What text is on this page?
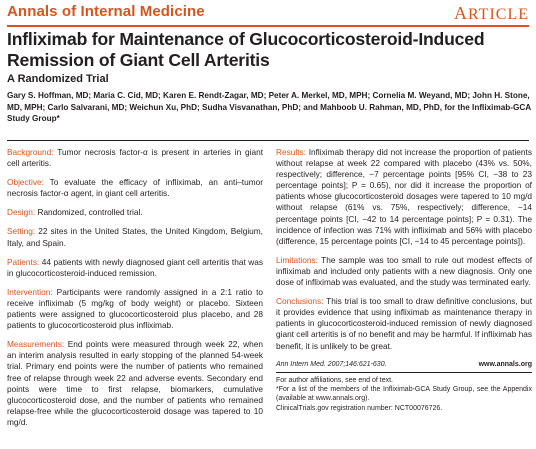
Annals of Internal Medicine	ARTICLE
Infliximab for Maintenance of Glucocorticosteroid-Induced Remission of Giant Cell Arteritis
A Randomized Trial
Gary S. Hoffman, MD; Maria C. Cid, MD; Karen E. Rendt-Zagar, MD; Peter A. Merkel, MD, MPH; Cornelia M. Weyand, MD; John H. Stone, MD, MPH; Carlo Salvarani, MD; Weichun Xu, PhD; Sudha Visvanathan, PhD; and Mahboob U. Rahman, MD, PhD, for the Infliximab-GCA Study Group*

Background: Tumor necrosis factor-α is present in arteries in giant cell arteritis.

Objective: To evaluate the efficacy of infliximab, an anti–tumor necrosis factor-α agent, in giant cell arteritis.

Design: Randomized, controlled trial.

Setting: 22 sites in the United States, the United Kingdom, Belgium, Italy, and Spain.

Patients: 44 patients with newly diagnosed giant cell arteritis that was in glucocorticosteroid-induced remission.

Intervention: Participants were randomly assigned in a 2:1 ratio to receive infliximab (5 mg/kg of body weight) or placebo. Sixteen patients were assigned to glucocorticosteroid plus placebo, and 28 patients to glucocorticosteroid plus infliximab.

Measurements: End points were measured through week 22, when an interim analysis resulted in early stopping of the planned 54-week trial. Primary end points were the number of patients who remained free of relapse through week 22 and adverse events. Secondary end points were time to first relapse, biomarkers, cumulative glucocorticosteroid dose, and the number of patients who remained relapse-free while the glucocorticosteroid dosage was tapered to 10 mg/d.

Results: Infliximab therapy did not increase the proportion of patients without relapse at week 22 compared with placebo (43% vs. 50%, respectively; difference, −7 percentage points [95% CI, −38 to 23 percentage points]; P = 0.65), nor did it increase the proportion of patients whose glucocorticosteroid dosages were tapered to 10 mg/d without relapse (61% vs. 75%, respectively; difference, −14 percentage points [CI, −42 to 14 percentage points]; P = 0.31). The incidence of infection was 71% with infliximab and 56% with placebo (difference, 15 percentage points [CI, −14 to 45 percentage points]).

Limitations: The sample was too small to rule out modest effects of infliximab and included only patients with a new diagnosis. Only one dose of infliximab was evaluated, and the study was terminated early.

Conclusions: This trial is too small to draw definitive conclusions, but it provides evidence that using infliximab as maintenance therapy in patients in glucocorticosteroid-induced remission of newly diagnosed giant cell arteritis is of no benefit and may be harmful. If infliximab has benefit, it is unlikely to be great.

Ann Intern Med. 2007;146:621-630.	www.annals.org
For author affiliations, see end of text.
*For a list of the members of the Infliximab-GCA Study Group, see the Appendix (available at www.annals.org).
ClinicalTrials.gov registration number: NCT00076726.
